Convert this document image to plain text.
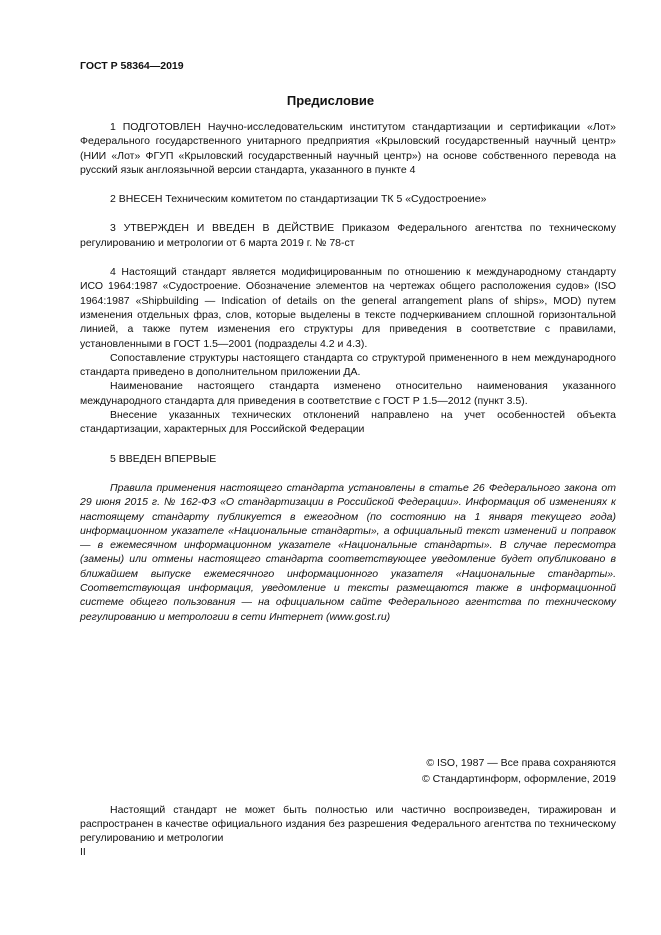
ГОСТ Р 58364—2019
Предисловие

1 ПОДГОТОВЛЕН Научно-исследовательским институтом стандартизации и сертификации «Лот» Федерального государственного унитарного предприятия «Крыловский государственный научный центр» (НИИ «Лот» ФГУП «Крыловский государственный научный центр») на основе собственного перевода на русский язык англоязычной версии стандарта, указанного в пункте 4

2 ВНЕСЕН Техническим комитетом по стандартизации ТК 5 «Судостроение»

3 УТВЕРЖДЕН И ВВЕДЕН В ДЕЙСТВИЕ Приказом Федерального агентства по техническому регулированию и метрологии от 6 марта 2019 г. № 78-ст

4 Настоящий стандарт является модифицированным по отношению к международному стандарту ИСО 1964:1987 «Судостроение. Обозначение элементов на чертежах общего расположения судов» (ISO 1964:1987 «Shipbuilding — Indication of details on the general arrangement plans of ships», MOD) путем изменения отдельных фраз, слов, которые выделены в тексте подчеркиванием сплошной горизонтальной линией, а также путем изменения его структуры для приведения в соответствие с правилами, установленными в ГОСТ 1.5—2001 (подразделы 4.2 и 4.3).

Сопоставление структуры настоящего стандарта со структурой примененного в нем международного стандарта приведено в дополнительном приложении ДА.

Наименование настоящего стандарта изменено относительно наименования указанного международного стандарта для приведения в соответствие с ГОСТ Р 1.5—2012 (пункт 3.5).

Внесение указанных технических отклонений направлено на учет особенностей объекта стандартизации, характерных для Российской Федерации

5 ВВЕДЕН ВПЕРВЫЕ

Правила применения настоящего стандарта установлены в статье 26 Федерального закона от 29 июня 2015 г. № 162-ФЗ «О стандартизации в Российской Федерации». Информация об изменениях к настоящему стандарту публикуется в ежегодном (по состоянию на 1 января текущего года) информационном указателе «Национальные стандарты», а официальный текст изменений и поправок — в ежемесячном информационном указателе «Национальные стандарты». В случае пересмотра (замены) или отмены настоящего стандарта соответствующее уведомление будет опубликовано в ближайшем выпуске ежемесячного информационного указателя «Национальные стандарты». Соответствующая информация, уведомление и тексты размещаются также в информационной системе общего пользования — на официальном сайте Федерального агентства по техническому регулированию и метрологии в сети Интернет (www.gost.ru)

© ISO, 1987 — Все права сохраняются
© Стандартинформ, оформление, 2019

Настоящий стандарт не может быть полностью или частично воспроизведен, тиражирован и распространен в качестве официального издания без разрешения Федерального агентства по техническому регулированию и метрологии

II
